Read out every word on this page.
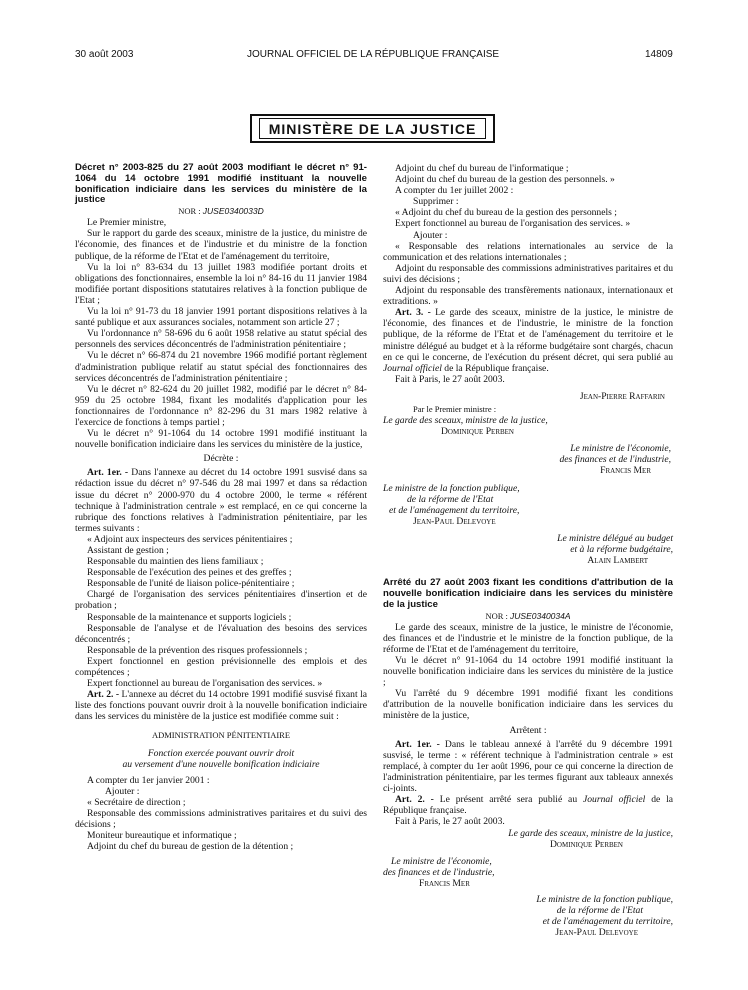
30 août 2003	JOURNAL OFFICIEL DE LA RÉPUBLIQUE FRANÇAISE	14809
MINISTÈRE DE LA JUSTICE

Décret n° 2003-825 du 27 août 2003 modifiant le décret n° 91-1064 du 14 octobre 1991 modifié instituant la nouvelle bonification indiciaire dans les services du ministère de la justice

NOR : JUSE0340033D

Le Premier ministre,

Sur le rapport du garde des sceaux, ministre de la justice, du ministre de l'économie, des finances et de l'industrie et du ministre de la fonction publique, de la réforme de l'Etat et de l'aménagement du territoire,

Vu la loi n° 83-634 du 13 juillet 1983 modifiée portant droits et obligations des fonctionnaires, ensemble la loi n° 84-16 du 11 janvier 1984 modifiée portant dispositions statutaires relatives à la fonction publique de l'Etat ;

Vu la loi n° 91-73 du 18 janvier 1991 portant dispositions relatives à la santé publique et aux assurances sociales, notamment son article 27 ;

Vu l'ordonnance n° 58-696 du 6 août 1958 relative au statut spécial des personnels des services déconcentrés de l'administration pénitentiaire ;

Vu le décret n° 66-874 du 21 novembre 1966 modifié portant règlement d'administration publique relatif au statut spécial des fonctionnaires des services déconcentrés de l'administration pénitentiaire ;

Vu le décret n° 82-624 du 20 juillet 1982, modifié par le décret n° 84-959 du 25 octobre 1984, fixant les modalités d'application pour les fonctionnaires de l'ordonnance n° 82-296 du 31 mars 1982 relative à l'exercice de fonctions à temps partiel ;

Vu le décret n° 91-1064 du 14 octobre 1991 modifié instituant la nouvelle bonification indiciaire dans les services du ministère de la justice,

Décrète :

Art. 1er. - Dans l'annexe au décret du 14 octobre 1991 susvisé dans sa rédaction issue du décret n° 97-546 du 28 mai 1997 et dans sa rédaction issue du décret n° 2000-970 du 4 octobre 2000, le terme « référent technique à l'administration centrale » est remplacé, en ce qui concerne la rubrique des fonctions relatives à l'administration pénitentiaire, par les termes suivants :

« Adjoint aux inspecteurs des services pénitentiaires ;

Assistant de gestion ;

Responsable du maintien des liens familiaux ;

Responsable de l'exécution des peines et des greffes ;

Responsable de l'unité de liaison police-pénitentiaire ;

Chargé de l'organisation des services pénitentiaires d'insertion et de probation ;

Responsable de la maintenance et supports logiciels ;

Responsable de l'analyse et de l'évaluation des besoins des services déconcentrés ;

Responsable de la prévention des risques professionnels ;

Expert fonctionnel en gestion prévisionnelle des emplois et des compétences ;

Expert fonctionnel au bureau de l'organisation des services. »

Art. 2. - L'annexe au décret du 14 octobre 1991 modifié susvisé fixant la liste des fonctions pouvant ouvrir droit à la nouvelle bonification indiciaire dans les services du ministère de la justice est modifiée comme suit :

ADMINISTRATION PÉNITENTIAIRE

Fonction exercée pouvant ouvrir droit

au versement d'une nouvelle bonification indiciaire

A compter du 1er janvier 2001 :

Ajouter :

« Secrétaire de direction ;

Responsable des commissions administratives paritaires et du suivi des décisions ;

Moniteur bureautique et informatique ;

Adjoint du chef du bureau de gestion de la détention ;

Adjoint du chef du bureau de l'informatique ;

Adjoint du chef du bureau de la gestion des personnels. »

A compter du 1er juillet 2002 :

Supprimer :

« Adjoint du chef du bureau de la gestion des personnels ;

Expert fonctionnel au bureau de l'organisation des services. »

Ajouter :

« Responsable des relations internationales au service de la communication et des relations internationales ;

Adjoint du responsable des commissions administratives paritaires et du suivi des décisions ;

Adjoint du responsable des transfèrements nationaux, internationaux et extraditions. »

Art. 3. - Le garde des sceaux, ministre de la justice, le ministre de l'économie, des finances et de l'industrie, le ministre de la fonction publique, de la réforme de l'Etat et de l'aménagement du territoire et le ministre délégué au budget et à la réforme budgétaire sont chargés, chacun en ce qui le concerne, de l'exécution du présent décret, qui sera publié au Journal officiel de la République française.

Fait à Paris, le 27 août 2003.

Jean-Pierre Raffarin

Par le Premier ministre :

Le garde des sceaux, ministre de la justice,

Dominique Perben

Le ministre de l'économie,
des finances et de l'industrie,
Francis Mer
Le ministre de la fonction publique,
de la réforme de l'Etat
et de l'aménagement du territoire,
Jean-Paul Delevoye
Le ministre délégué au budget
et à la réforme budgétaire,
Alain Lambert

Arrêté du 27 août 2003 fixant les conditions d'attribution de la nouvelle bonification indiciaire dans les services du ministère de la justice

NOR : JUSE0340034A

Le garde des sceaux, ministre de la justice, le ministre de l'économie, des finances et de l'industrie et le ministre de la fonction publique, de la réforme de l'Etat et de l'aménagement du territoire,

Vu le décret n° 91-1064 du 14 octobre 1991 modifié instituant la nouvelle bonification indiciaire dans les services du ministère de la justice ;

Vu l'arrêté du 9 décembre 1991 modifié fixant les conditions d'attribution de la nouvelle bonification indiciaire dans les services du ministère de la justice,

Arrêtent :

Art. 1er. - Dans le tableau annexé à l'arrêté du 9 décembre 1991 susvisé, le terme : « référent technique à l'administration centrale » est remplacé, à compter du 1er août 1996, pour ce qui concerne la direction de l'administration pénitentiaire, par les termes figurant aux tableaux annexés ci-joints.

Art. 2. - Le présent arrêté sera publié au Journal officiel de la République française.

Fait à Paris, le 27 août 2003.

Le garde des sceaux, ministre de la justice,
Dominique Perben
Le ministre de l'économie,
des finances et de l'industrie,
Francis Mer
Le ministre de la fonction publique,
de la réforme de l'Etat
et de l'aménagement du territoire,
Jean-Paul Delevoye
